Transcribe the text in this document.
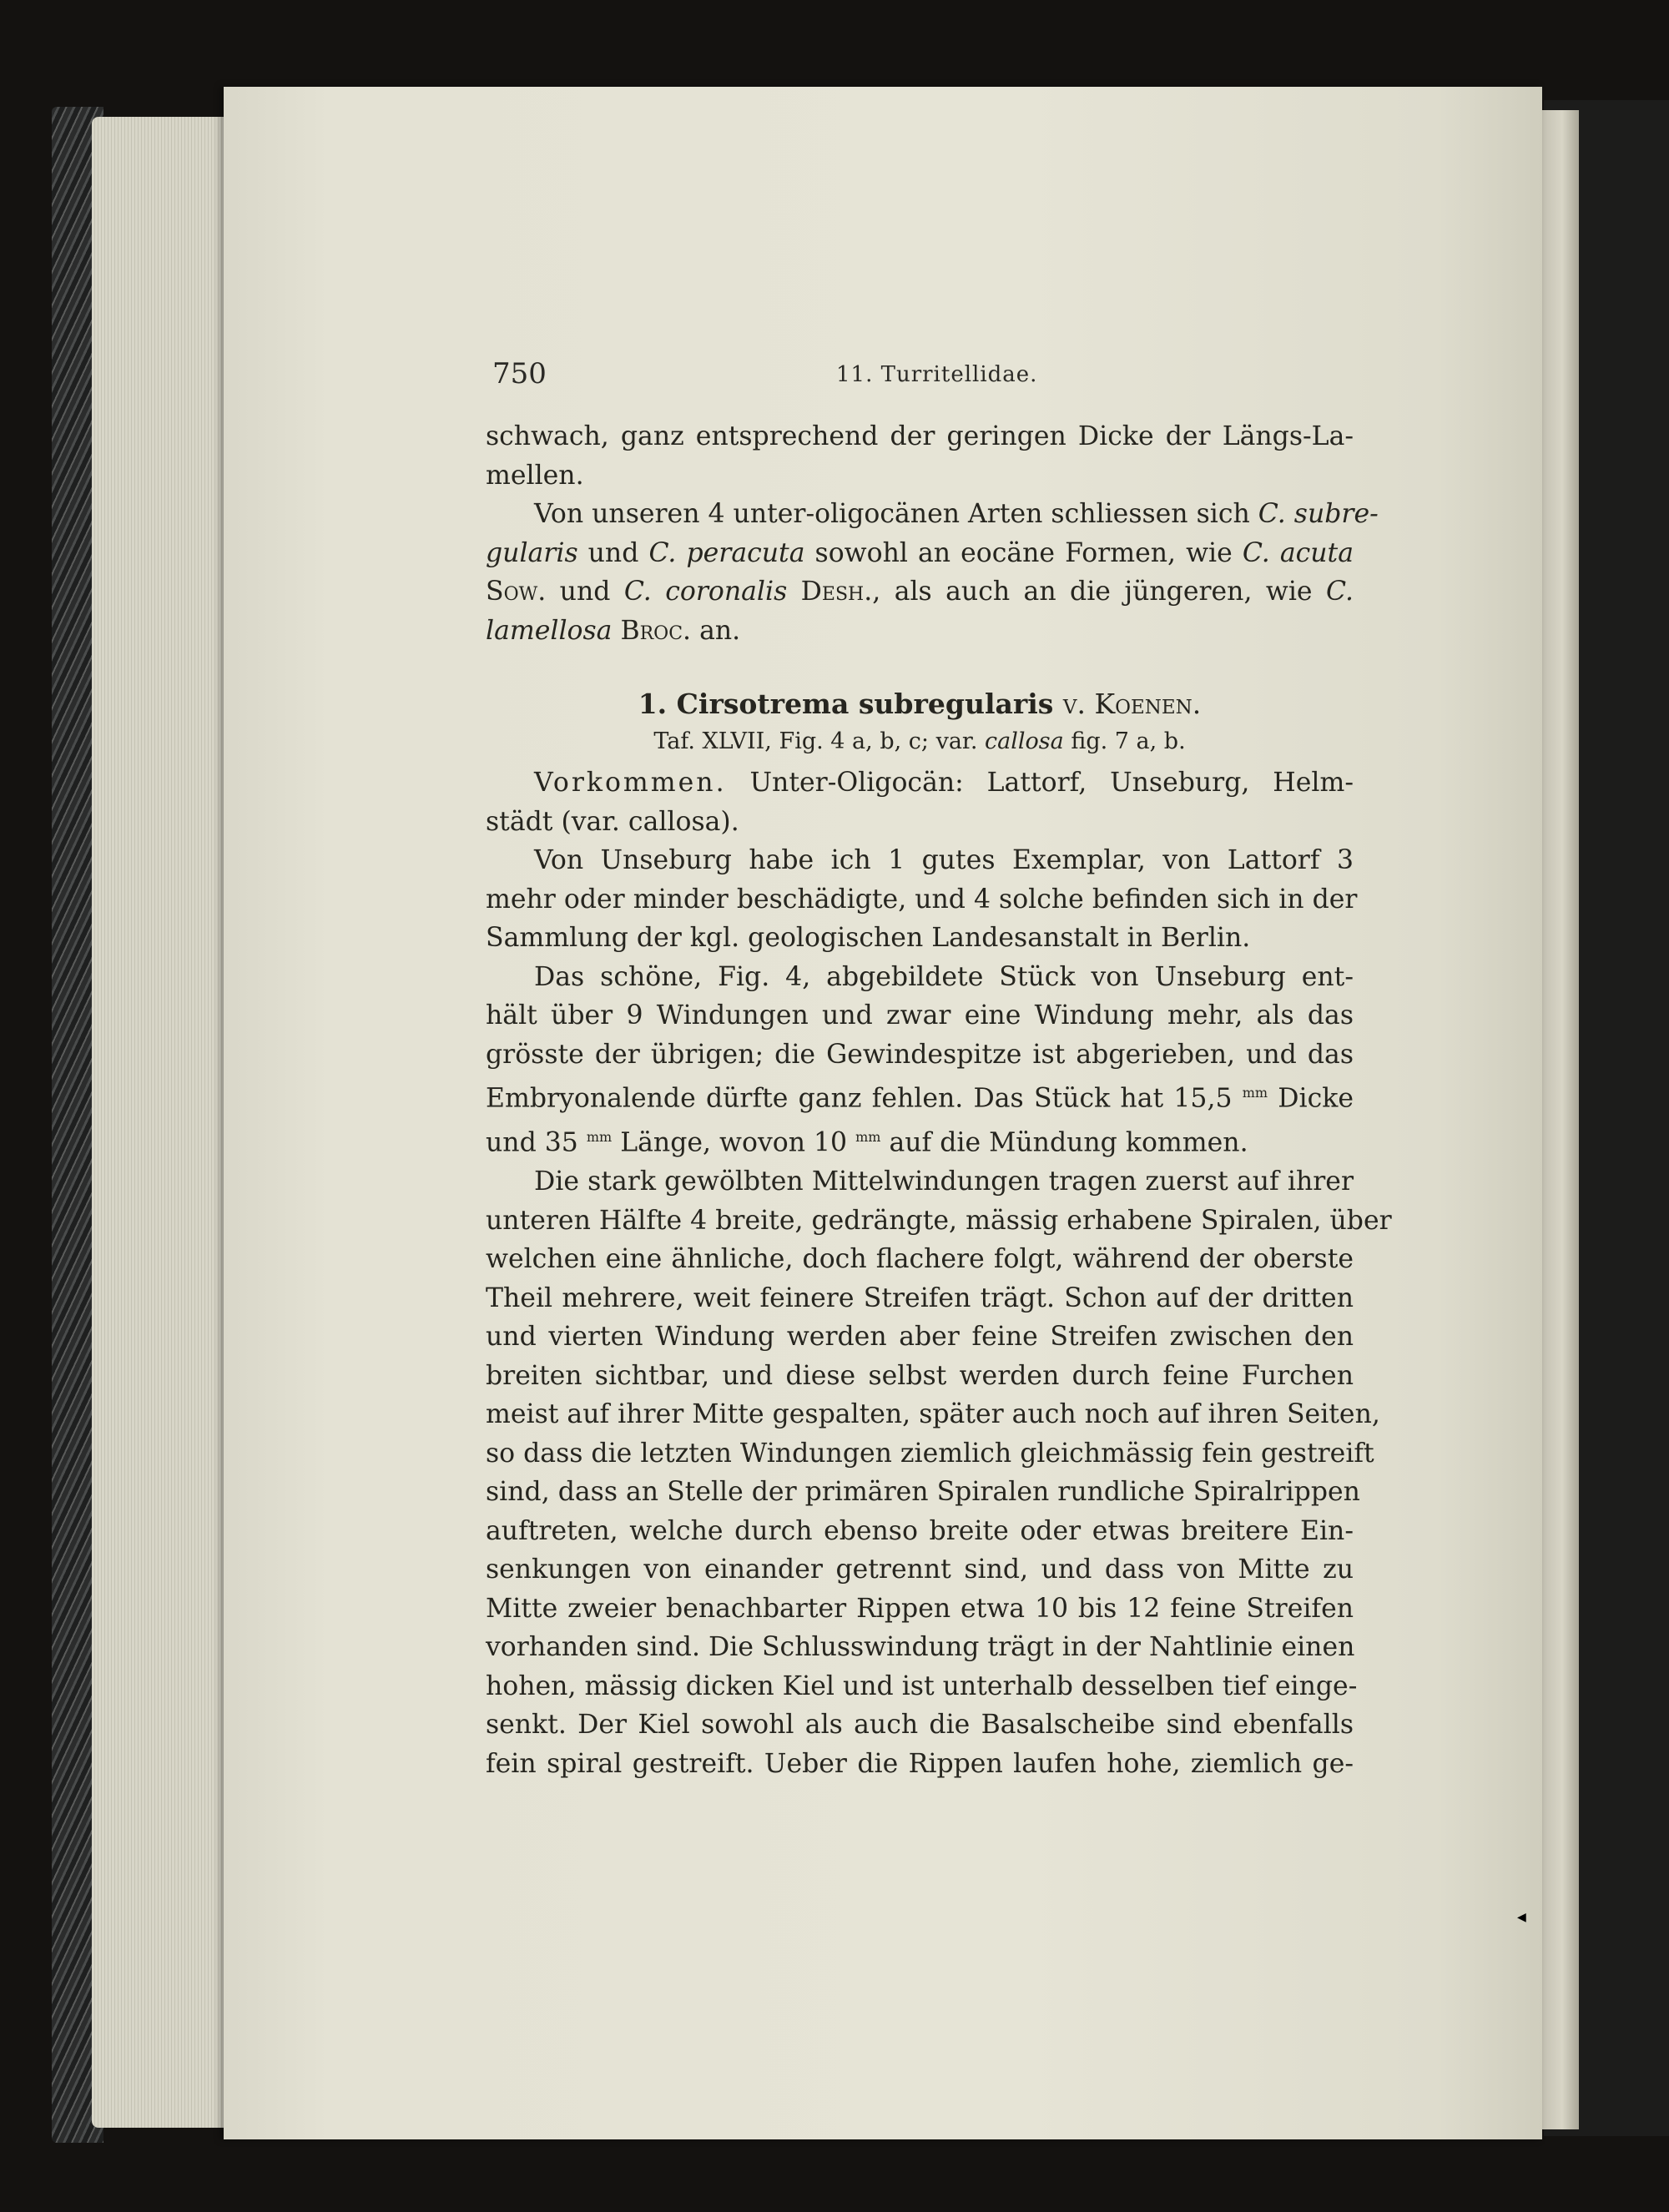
750	11. Turritellidae.
schwach, ganz entsprechend der geringen Dicke der Längs-La-
mellen.
Von unseren 4 unter-oligocänen Arten schliessen sich C. subre-
gularis und C. peracuta sowohl an eocäne Formen, wie C. acuta
Sow. und C. coronalis Desh., als auch an die jüngeren, wie C.
lamellosa Broc. an.
1. Cirsotrema subregularis v. Koenen.
Taf. XLVII, Fig. 4 a, b, c; var. callosa fig. 7 a, b.
Vorkommen. Unter-Oligocän: Lattorf, Unseburg, Helm-
städt (var. callosa).
Von Unseburg habe ich 1 gutes Exemplar, von Lattorf 3
mehr oder minder beschädigte, und 4 solche befinden sich in der
Sammlung der kgl. geologischen Landesanstalt in Berlin.
Das schöne, Fig. 4, abgebildete Stück von Unseburg ent-
hält über 9 Windungen und zwar eine Windung mehr, als das
grösste der übrigen; die Gewindespitze ist abgerieben, und das
Embryonalende dürfte ganz fehlen. Das Stück hat 15,5 $^{mm}$ Dicke
und 35 $^{mm}$ Länge, wovon 10 $^{mm}$ auf die Mündung kommen.
Die stark gewölbten Mittelwindungen tragen zuerst auf ihrer
unteren Hälfte 4 breite, gedrängte, mässig erhabene Spiralen, über
welchen eine ähnliche, doch flachere folgt, während der oberste
Theil mehrere, weit feinere Streifen trägt. Schon auf der dritten
und vierten Windung werden aber feine Streifen zwischen den
breiten sichtbar, und diese selbst werden durch feine Furchen
meist auf ihrer Mitte gespalten, später auch noch auf ihren Seiten,
so dass die letzten Windungen ziemlich gleichmässig fein gestreift
sind, dass an Stelle der primären Spiralen rundliche Spiralrippen
auftreten, welche durch ebenso breite oder etwas breitere Ein-
senkungen von einander getrennt sind, und dass von Mitte zu
Mitte zweier benachbarter Rippen etwa 10 bis 12 feine Streifen
vorhanden sind. Die Schlusswindung trägt in der Nahtlinie einen
hohen, mässig dicken Kiel und ist unterhalb desselben tief einge-
senkt. Der Kiel sowohl als auch die Basalscheibe sind ebenfalls
fein spiral gestreift. Ueber die Rippen laufen hohe, ziemlich ge-
◀
